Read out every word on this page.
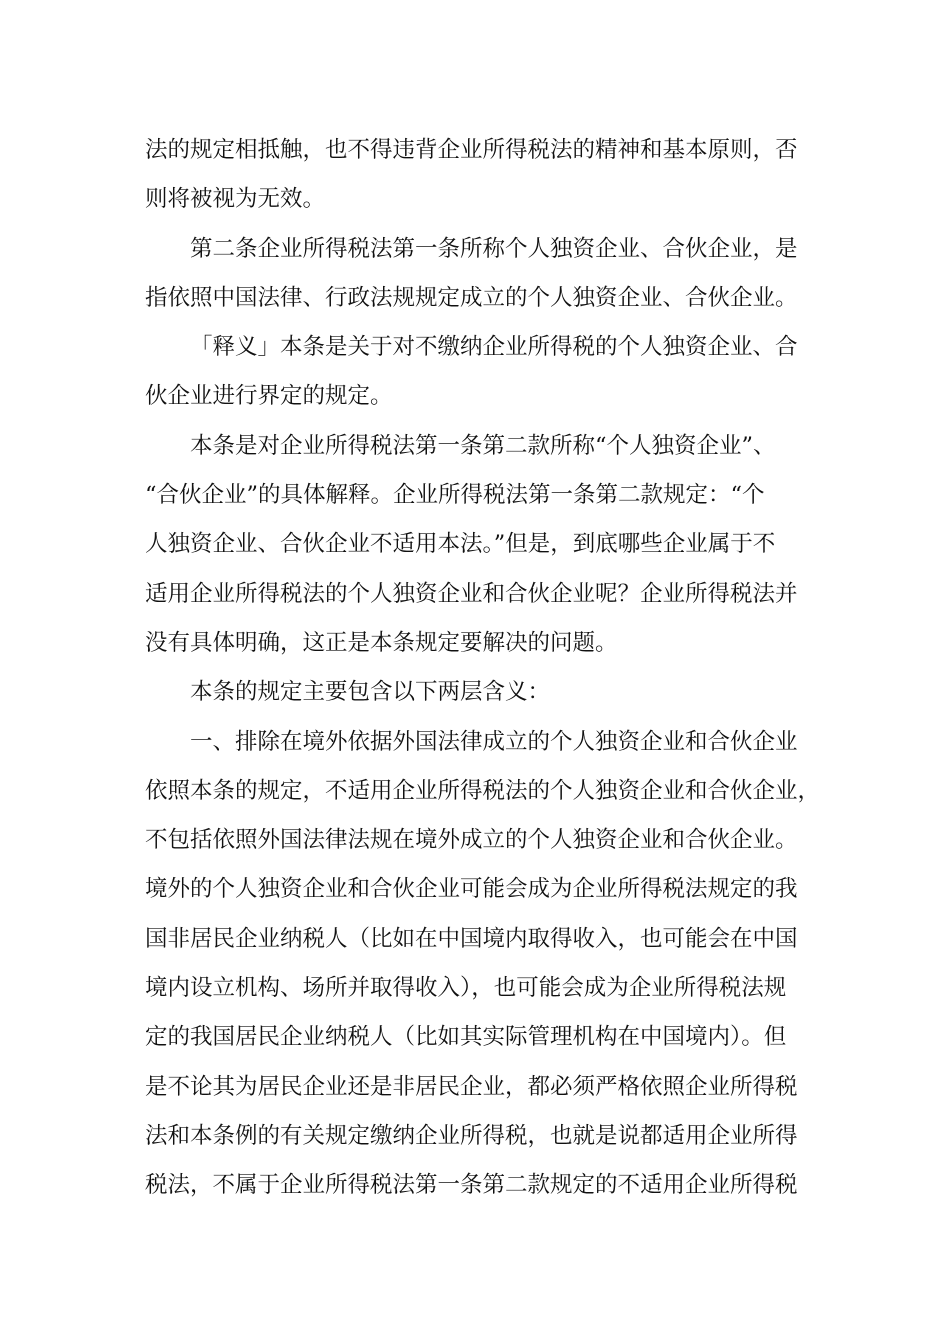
法的规定相抵触，也不得违背企业所得税法的精神和基本原则，否
则将被视为无效。
第二条企业所得税法第一条所称个人独资企业、合伙企业，是
指依照中国法律、行政法规规定成立的个人独资企业、合伙企业。
「释义」本条是关于对不缴纳企业所得税的个人独资企业、合
伙企业进行界定的规定。
本条是对企业所得税法第一条第二款所称“个人独资企业”、
“合伙企业”的具体解释。企业所得税法第一条第二款规定：“个
人独资企业、合伙企业不适用本法。”但是，到底哪些企业属于不
适用企业所得税法的个人独资企业和合伙企业呢？企业所得税法并
没有具体明确，这正是本条规定要解决的问题。
本条的规定主要包含以下两层含义：
一、排除在境外依据外国法律成立的个人独资企业和合伙企业
依照本条的规定，不适用企业所得税法的个人独资企业和合伙企业，
不包括依照外国法律法规在境外成立的个人独资企业和合伙企业。
境外的个人独资企业和合伙企业可能会成为企业所得税法规定的我
国非居民企业纳税人（比如在中国境内取得收入，也可能会在中国
境内设立机构、场所并取得收入），也可能会成为企业所得税法规
定的我国居民企业纳税人（比如其实际管理机构在中国境内）。但
是不论其为居民企业还是非居民企业，都必须严格依照企业所得税
法和本条例的有关规定缴纳企业所得税，也就是说都适用企业所得
税法，不属于企业所得税法第一条第二款规定的不适用企业所得税
